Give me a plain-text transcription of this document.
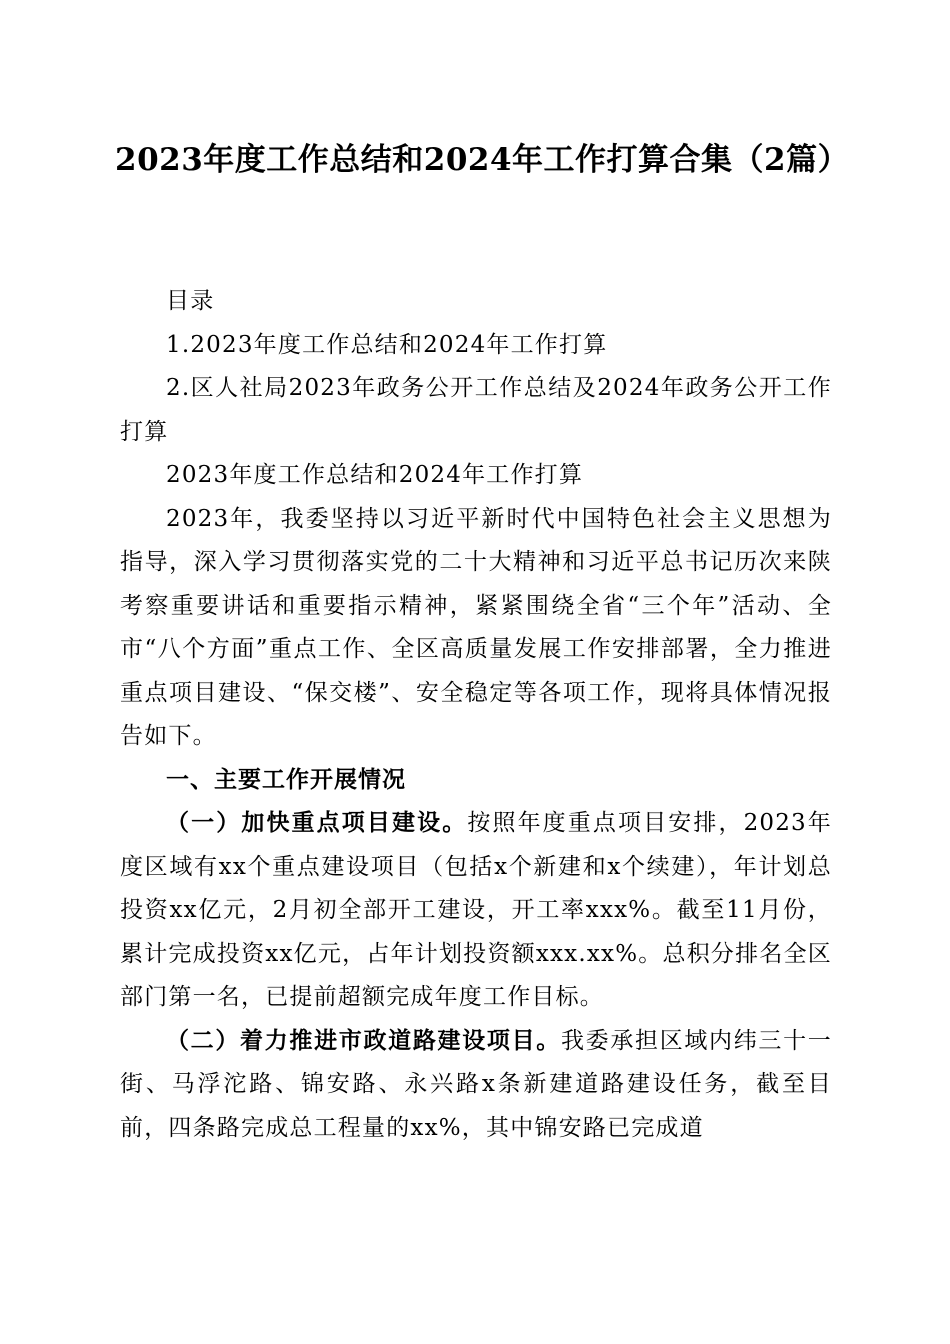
2023年度工作总结和2024年工作打算合集（2篇）

目录

1.2023年度工作总结和2024年工作打算

2.区人社局2023年政务公开工作总结及2024年政务公开工作打算

2023年度工作总结和2024年工作打算

2023年，我委坚持以习近平新时代中国特色社会主义思想为指导，深入学习贯彻落实党的二十大精神和习近平总书记历次来陕考察重要讲话和重要指示精神，紧紧围绕全省“三个年”活动、全市“八个方面”重点工作、全区高质量发展工作安排部署，全力推进重点项目建设、“保交楼”、安全稳定等各项工作，现将具体情况报告如下。

一、主要工作开展情况

（一）加快重点项目建设。按照年度重点项目安排，2023年度区域有xx个重点建设项目（包括x个新建和x个续建），年计划总投资xx亿元，2月初全部开工建设，开工率xxx%。截至11月份，累计完成投资xx亿元，占年计划投资额xxx.xx%。总积分排名全区部门第一名，已提前超额完成年度工作目标。

（二）着力推进市政道路建设项目。我委承担区域内纬三十一街、马浮沱路、锦安路、永兴路x条新建道路建设任务，截至目前，四条路完成总工程量的xx%，其中锦安路已完成道
